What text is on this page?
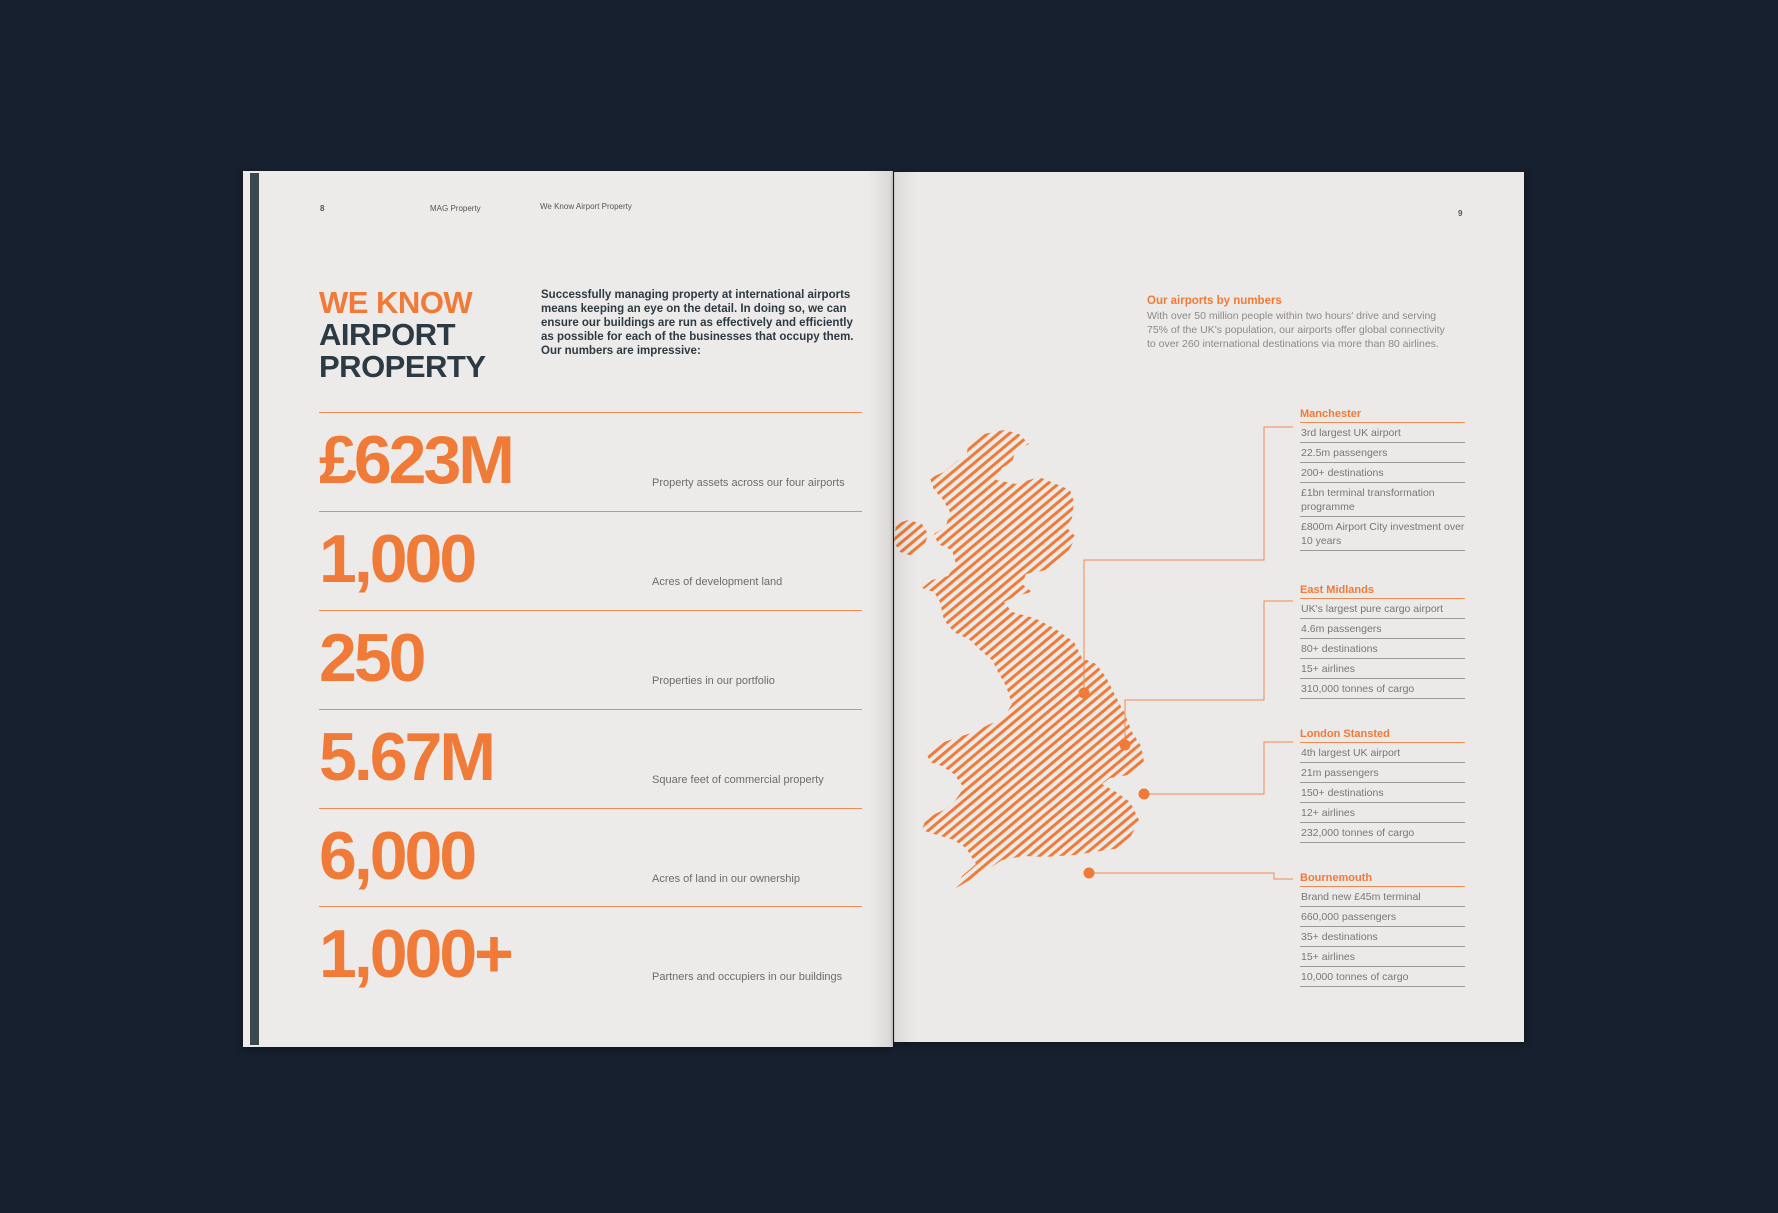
8	MAG Property	We Know Airport Property
WE KNOW
AIRPORT
PROPERTY
Successfully managing property at international airports means keeping an eye on the detail. In doing so, we can ensure our buildings are run as effectively and efficiently as possible for each of the businesses that occupy them. Our numbers are impressive:
£623M	Property assets across our four airports
1,000	Acres of development land
250	Properties in our portfolio
5.67M	Square feet of commercial property
6,000	Acres of land in our ownership
1,000+	Partners and occupiers in our buildings
9
Our airports by numbers
With over 50 million people within two hours' drive and serving 75% of the UK's population, our airports offer global connectivity to over 260 international destinations via more than 80 airlines.
Manchester
3rd largest UK airport
22.5m passengers
200+ destinations
£1bn terminal transformation programme
£800m Airport City investment over 10 years
East Midlands
UK's largest pure cargo airport
4.6m passengers
80+ destinations
15+ airlines
310,000 tonnes of cargo
London Stansted
4th largest UK airport
21m passengers
150+ destinations
12+ airlines
232,000 tonnes of cargo
Bournemouth
Brand new £45m terminal
660,000 passengers
35+ destinations
15+ airlines
10,000 tonnes of cargo
